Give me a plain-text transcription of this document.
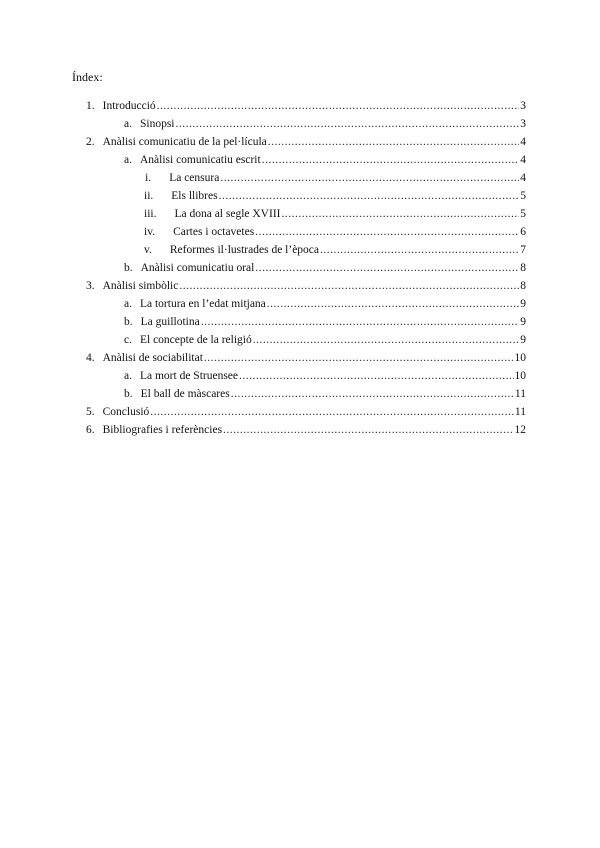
Índex:
1. Introducció .....	3
a. Sinopsi .....	3
2. Anàlisi comunicatiu de la pel·lícula .....	4
a. Anàlisi comunicatiu escrit .....	4
i. La censura .....	4
ii. Els llibres .....	5
iii. La dona al segle XVIII .....	5
iv. Cartes i octavetes .....	6
v. Reformes il·lustrades de l’època .....	7
b. Anàlisi comunicatiu oral .....	8
3. Anàlisi simbòlic .....	8
a. La tortura en l’edat mitjana .....	9
b. La guillotina .....	9
c. El concepte de la religió .....	9
4. Anàlisi de sociabilitat .....	10
a. La mort de Struensee .....	10
b. El ball de màscares .....	11
5. Conclusió .....	11
6. Bibliografies i referències .....	12
